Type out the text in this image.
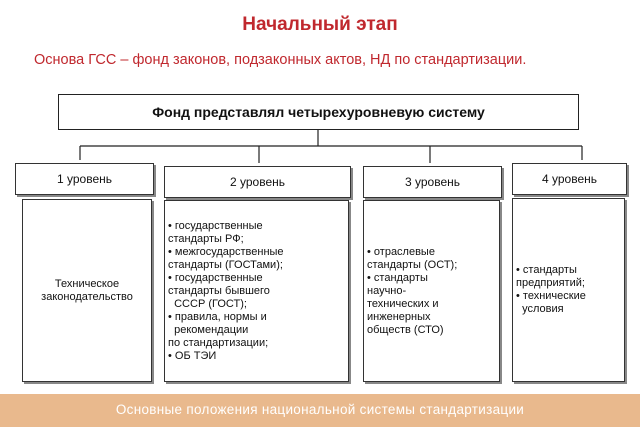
Начальный этап
Основа ГСС – фонд законов, подзаконных актов, НД по стандартизации.
Фонд представлял четырехуровневую систему
1 уровень	2 уровень	3 уровень	4 уровень
Техническое
законодательство
• государственные
стандарты РФ;
• межгосударственные
стандарты (ГОСТами);
• государственные
стандарты бывшего
СССР (ГОСТ);
• правила, нормы и
рекомендации
по стандартизации;
• ОБ ТЭИ
• отраслевые
стандарты (ОСТ);
• стандарты
научно-
технических и
инженерных
обществ (СТО)
• стандарты
предприятий;
• технические
условия
Основные положения национальной системы стандартизации
